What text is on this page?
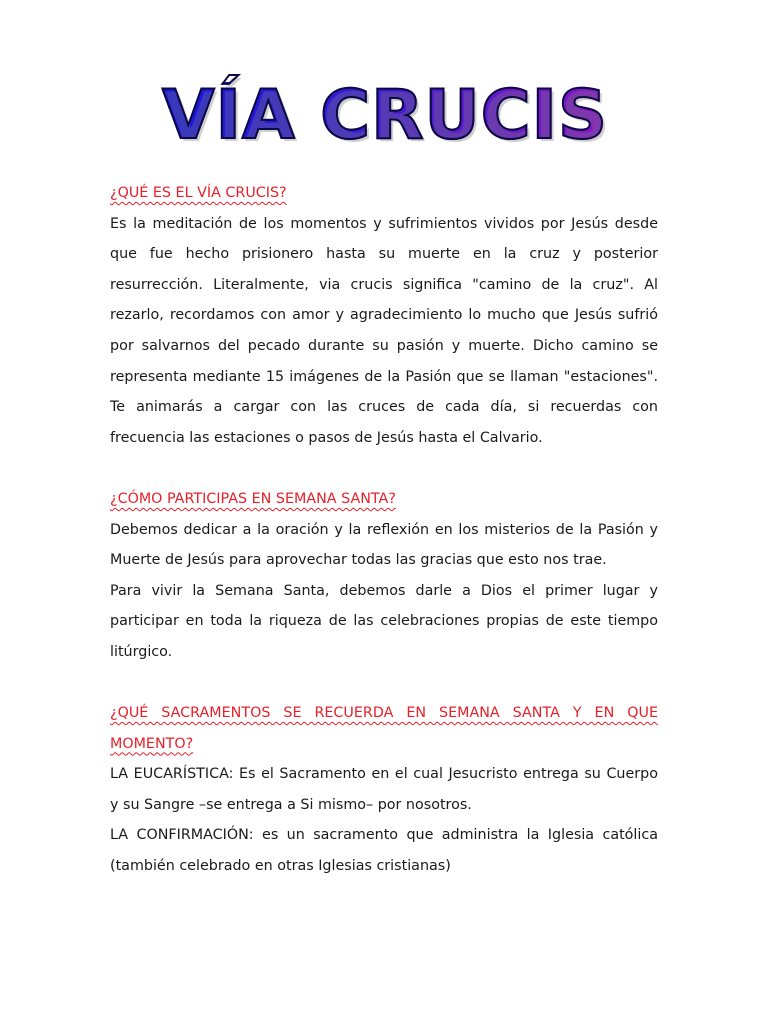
VÍA CRUCIS
¿QUÉ ES EL VÍA CRUCIS?
Es la meditación de los momentos y sufrimientos vividos por Jesús desde que fue hecho prisionero hasta su muerte en la cruz y posterior resurrección. Literalmente, via crucis significa "camino de la cruz". Al rezarlo, recordamos con amor y agradecimiento lo mucho que Jesús sufrió por salvarnos del pecado durante su pasión y muerte. Dicho camino se representa mediante 15 imágenes de la Pasión que se llaman "estaciones". Te animarás a cargar con las cruces de cada día, si recuerdas con frecuencia las estaciones o pasos de Jesús hasta el Calvario.
¿CÓMO PARTICIPAS EN SEMANA SANTA?
Debemos dedicar a la oración y la reflexión en los misterios de la Pasión y Muerte de Jesús para aprovechar todas las gracias que esto nos trae.
Para vivir la Semana Santa, debemos darle a Dios el primer lugar y participar en toda la riqueza de las celebraciones propias de este tiempo litúrgico.
¿QUÉ SACRAMENTOS SE RECUERDA EN SEMANA SANTA Y EN QUE MOMENTO?
LA EUCARÍSTICA: Es el Sacramento en el cual Jesucristo entrega su Cuerpo y su Sangre –se entrega a Si mismo– por nosotros.
LA CONFIRMACIÓN: es un sacramento que administra la Iglesia católica (también celebrado en otras Iglesias cristianas)
